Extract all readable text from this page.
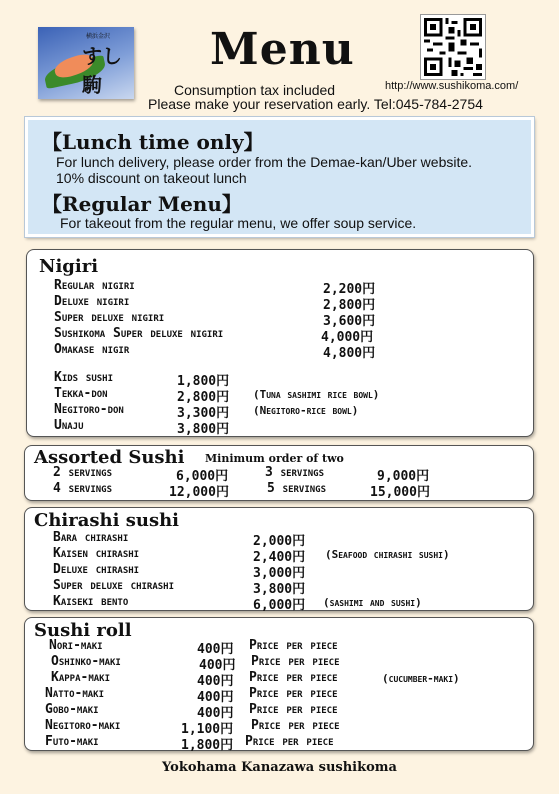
横浜金沢
すし駒
Menu
http://www.sushikoma.com/
Consumption tax included
Please make your reservation early. Tel:045-784-2754
【Lunch time only】

For lunch delivery, please order from the Demae-kan/Uber website.

10% discount on takeout lunch

【Regular Menu】

For takeout from the regular menu, we offer soup service.

Nigiri
Regular nigiri	2,200円
Deluxe nigiri	2,800円
Super deluxe nigiri	3,600円
Sushikoma Super deluxe nigiri	4,000円
Omakase nigir	4,800円
Kids sushi	1,800円
Tekka-don	2,800円 (Tuna sashimi rice bowl)
Negitoro-don	3,300円 (Negitoro-rice bowl)
Unaju	3,800円
Assorted Sushi Minimum order of two
2 servings	6,000円	3 servings	9,000円
4 servings	12,000円	5 servings	15,000円
Chirashi sushi
Bara chirashi	2,000円
Kaisen chirashi	2,400円 (Seafood chirashi sushi)
Deluxe chirashi	3,000円
Super deluxe chirashi	3,800円
Kaiseki bento	6,000円 (sashimi and sushi)
Sushi roll
Nori-maki	400円 Price per piece
Oshinko-maki	400円 Price per piece
Kappa-maki	400円 Price per piece	(cucumber-maki)
Natto-maki	400円 Price per piece
Gobo-maki	400円 Price per piece
Negitoro-maki	1,100円 Price per piece
Futo-maki	1,800円 Price per piece
Yokohama Kanazawa sushikoma
